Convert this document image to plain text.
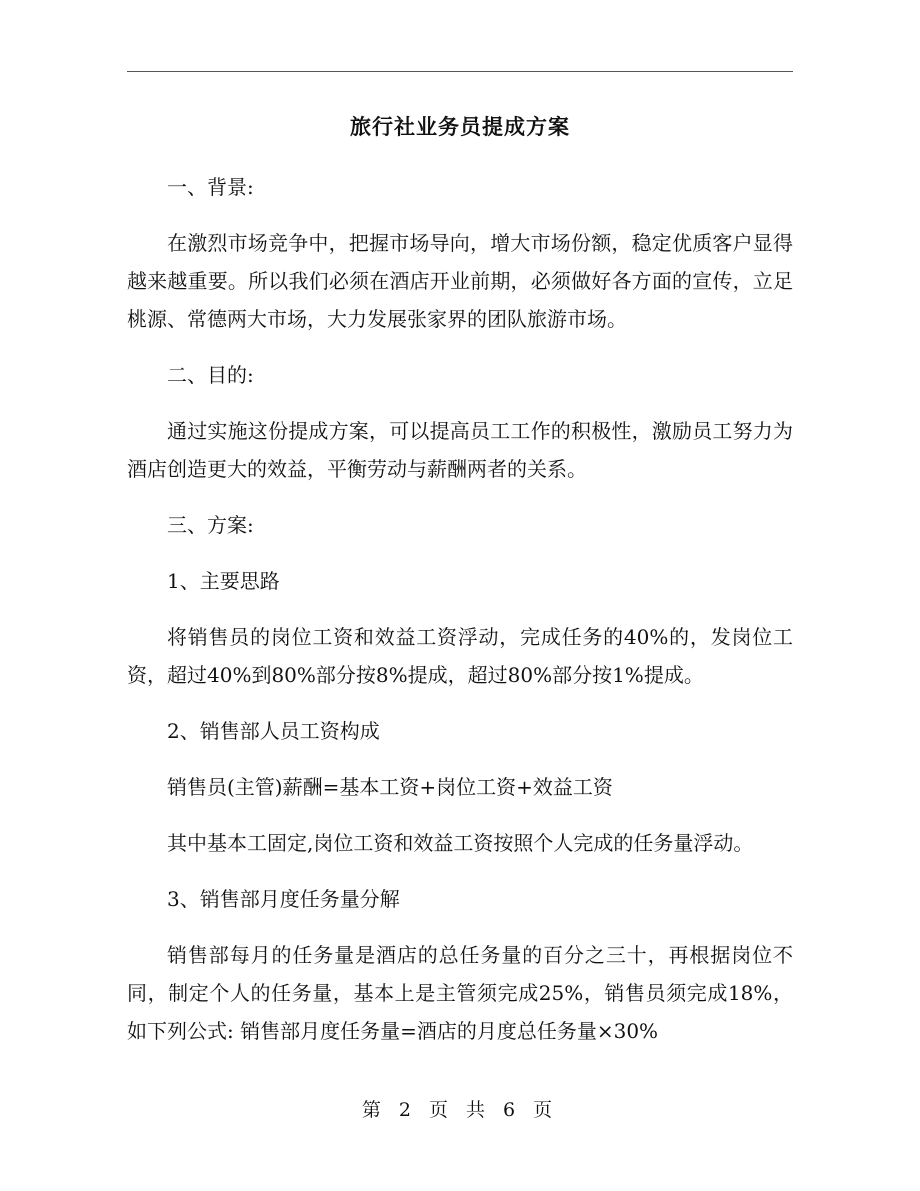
旅行社业务员提成方案

一、背景:

在激烈市场竞争中，把握市场导向，增大市场份额，稳定优质客户显得越来越重要。所以我们必须在酒店开业前期，必须做好各方面的宣传，立足桃源、常德两大市场，大力发展张家界的团队旅游市场。

二、目的:

通过实施这份提成方案，可以提高员工工作的积极性，激励员工努力为酒店创造更大的效益，平衡劳动与薪酬两者的关系。

三、方案:

1、主要思路

将销售员的岗位工资和效益工资浮动，完成任务的40%的，发岗位工资，超过40%到80%部分按8%提成，超过80%部分按1%提成。

2、销售部人员工资构成

销售员(主管)薪酬=基本工资+岗位工资+效益工资

其中基本工固定,岗位工资和效益工资按照个人完成的任务量浮动。

3、销售部月度任务量分解

销售部每月的任务量是酒店的总任务量的百分之三十，再根据岗位不同，制定个人的任务量，基本上是主管须完成25%，销售员须完成18%，如下列公式: 销售部月度任务量=酒店的月度总任务量×30%

第 2 页 共 6 页
